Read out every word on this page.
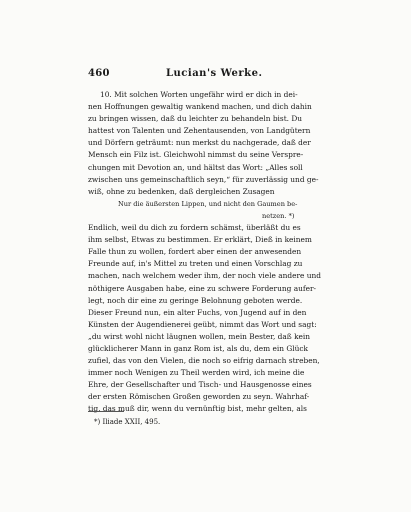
460	Lucian's Werke.
10. Mit solchen Worten ungefähr wird er dich in dei-
nen Hoffnungen gewaltig wankend machen, und dich dahin
zu bringen wissen, daß du leichter zu behandeln bist. Du
hattest von Talenten und Zehentausenden, von Landgütern
und Dörfern geträumt: nun merkst du nachgerade, daß der
Mensch ein Filz ist. Gleichwohl nimmst du seine Verspre-
chungen mit Devotion an, und hältst das Wort: „Alles soll
zwischen uns gemeinschaftlich seyn,“ für zuverlässig und ge-
wiß, ohne zu bedenken, daß dergleichen Zusagen
Nur die äußersten Lippen, und nicht den Gaumen be-
netzen. *)
Endlich, weil du dich zu fordern schämst, überläßt du es
ihm selbst, Etwas zu bestimmen. Er erklärt, Dieß in keinem
Falle thun zu wollen, fordert aber einen der anwesenden
Freunde auf, in's Mittel zu treten und einen Vorschlag zu
machen, nach welchem weder ihm, der noch viele andere und
nöthigere Ausgaben habe, eine zu schwere Forderung aufer-
legt, noch dir eine zu geringe Belohnung geboten werde.
Dieser Freund nun, ein alter Fuchs, von Jugend auf in den
Künsten der Augendienerei geübt, nimmt das Wort und sagt:
„du wirst wohl nicht läugnen wollen, mein Bester, daß kein
glücklicherer Mann in ganz Rom ist, als du, dem ein Glück
zufiel, das von den Vielen, die noch so eifrig darnach streben,
immer noch Wenigen zu Theil werden wird, ich meine die
Ehre, der Gesellschafter und Tisch- und Hausgenosse eines
der ersten Römischen Großen geworden zu seyn. Wahrhaf-
tig, das muß dir, wenn du vernünftig bist, mehr gelten, als
*) Iliade XXII, 495.
